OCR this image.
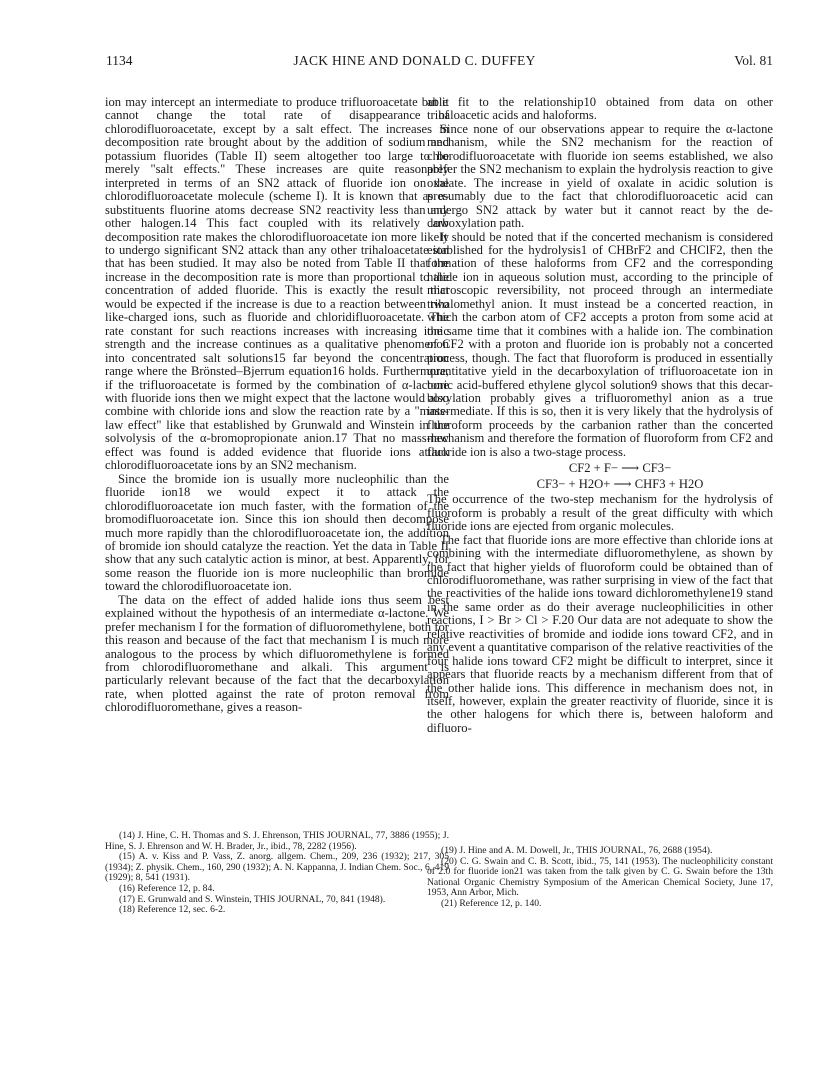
1134	JACK HINE AND DONALD C. DUFFEY	Vol. 81

ion may intercept an intermediate to produce trifluoroacetate but it cannot change the total rate of disappearance of chlorodifluoroacetate, except by a salt effect. The increases in decomposition rate brought about by the addition of sodium and potassium fluorides (Table II) seem altogether too large to be merely "salt effects." These increases are quite reasonably interpreted in terms of an SN2 attack of fluoride ion on the chlorodifluoroacetate molecule (scheme I). It is known that as α-substituents fluorine atoms decrease SN2 reactivity less than any other halogen.14 This fact coupled with its relatively low decomposition rate makes the chlorodifluoroacetate ion more likely to undergo significant SN2 attack than any other trihaloacetate ion that has been studied. It may also be noted from Table II that the increase in the decomposition rate is more than proportional to the concentration of added fluoride. This is exactly the result that would be expected if the increase is due to a reaction between two like-charged ions, such as fluoride and chloridifluoroacetate. The rate constant for such reactions increases with increasing ionic strength and the increase continues as a qualitative phenomenon into concentrated salt solutions15 far beyond the concentration range where the Brönsted–Bjerrum equation16 holds. Furthermore, if the trifluoroacetate is formed by the combination of α-lactone with fluoride ions then we might expect that the lactone would also combine with chloride ions and slow the reaction rate by a "mass-law effect" like that established by Grunwald and Winstein in the solvolysis of the α-bromopropionate anion.17 That no mass-law effect was found is added evidence that fluoride ions attack chlorodifluoroacetate ions by an SN2 mechanism.

Since the bromide ion is usually more nucleophilic than the fluoride ion18 we would expect it to attack the chlorodifluoroacetate ion much faster, with the formation of the bromodifluoroacetate ion. Since this ion should then decompose much more rapidly than the chlorodifluoroacetate ion, the addition of bromide ion should catalyze the reaction. Yet the data in Table II show that any such catalytic action is minor, at best. Apparently, for some reason the fluoride ion is more nucleophilic than bromide toward the chlorodifluoroacetate ion.

The data on the effect of added halide ions thus seem best explained without the hypothesis of an intermediate α-lactone. We prefer mechanism I for the formation of difluoromethylene, both for this reason and because of the fact that mechanism I is much more analogous to the process by which difluoromethylene is formed from chlorodifluoromethane and alkali. This argument is particularly relevant because of the fact that the decarboxylation rate, when plotted against the rate of proton removal from chlorodifluoromethane, gives a reason-

able fit to the relationship10 obtained from data on other trihaloacetic acids and haloforms.

Since none of our observations appear to require the α-lactone mechanism, while the SN2 mechanism for the reaction of chlorodifluoroacetate with fluoride ion seems established, we also prefer the SN2 mechanism to explain the hydrolysis reaction to give oxalate. The increase in yield of oxalate in acidic solution is presumably due to the fact that chlorodifluoroacetic acid can undergo SN2 attack by water but it cannot react by the decarboxylation path.

It should be noted that if the concerted mechanism is considered established for the hydrolysis1 of CHBrF2 and CHClF2, then the formation of these haloforms from CF2 and the corresponding halide ion in aqueous solution must, according to the principle of microscopic reversibility, not proceed through an intermediate trihalomethyl anion. It must instead be a concerted reaction, in which the carbon atom of CF2 accepts a proton from some acid at the same time that it combines with a halide ion. The combination of CF2 with a proton and fluoride ion is probably not a concerted process, though. The fact that fluoroform is produced in essentially quantitative yield in the decarboxylation of trifluoroacetate ion in boric acid-buffered ethylene glycol solution9 shows that this decarboxylation probably gives a trifluoromethyl anion as a true intermediate. If this is so, then it is very likely that the hydrolysis of fluoroform proceeds by the carbanion rather than the concerted mechanism and therefore the formation of fluoroform from CF2 and fluoride ion is also a two-stage process.

CF2 + F− ⟶ CF3−
CF3− + H2O+ ⟶ CHF3 + H2O

The occurrence of the two-step mechanism for the hydrolysis of fluoroform is probably a result of the great difficulty with which fluoride ions are ejected from organic molecules.

The fact that fluoride ions are more effective than chloride ions at combining with the intermediate difluoromethylene, as shown by the fact that higher yields of fluoroform could be obtained than of chlorodifluoromethane, was rather surprising in view of the fact that the reactivities of the halide ions toward dichloromethylene19 stand in the same order as do their average nucleophilicities in other reactions, I > Br > Cl > F.20 Our data are not adequate to show the relative reactivities of bromide and iodide ions toward CF2, and in any event a quantitative comparison of the relative reactivities of the four halide ions toward CF2 might be difficult to interpret, since it appears that fluoride reacts by a mechanism different from that of the other halide ions. This difference in mechanism does not, in itself, however, explain the greater reactivity of fluoride, since it is the other halogens for which there is, between haloform and difluoro-

(14) J. Hine, C. H. Thomas and S. J. Ehrenson, THIS JOURNAL, 77, 3886 (1955); J. Hine, S. J. Ehrenson and W. H. Brader, Jr., ibid., 78, 2282 (1956).
(15) A. v. Kiss and P. Vass, Z. anorg. allgem. Chem., 209, 236 (1932); 217, 305 (1934); Z. physik. Chem., 160, 290 (1932); A. N. Kappanna, J. Indian Chem. Soc., 6, 419 (1929); 8, 541 (1931).
(16) Reference 12, p. 84.
(17) E. Grunwald and S. Winstein, THIS JOURNAL, 70, 841 (1948).
(18) Reference 12, sec. 6-2.
(19) J. Hine and A. M. Dowell, Jr., THIS JOURNAL, 76, 2688 (1954).
(20) C. G. Swain and C. B. Scott, ibid., 75, 141 (1953). The nucleophilicity constant of 2.0 for fluoride ion21 was taken from the talk given by C. G. Swain before the 13th National Organic Chemistry Symposium of the American Chemical Society, June 17, 1953, Ann Arbor, Mich.
(21) Reference 12, p. 140.
